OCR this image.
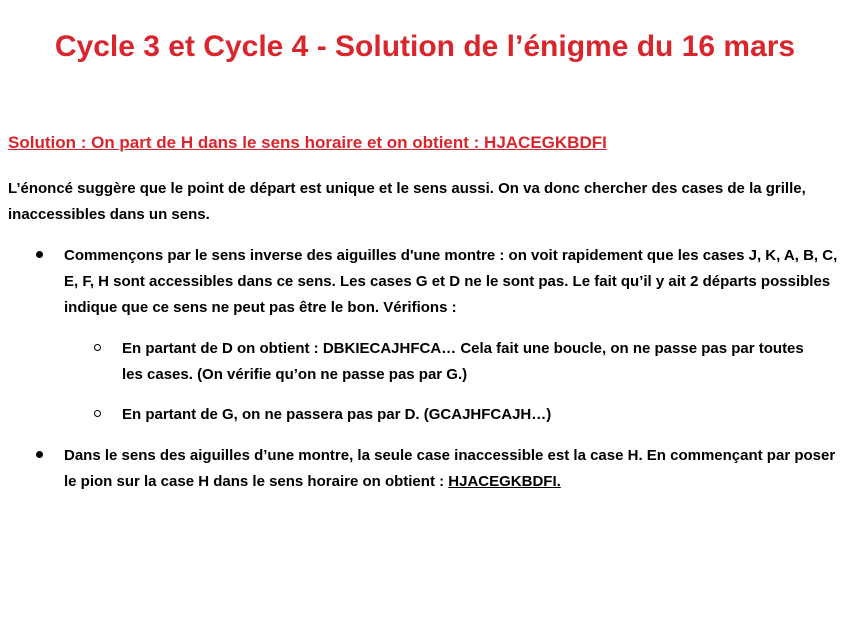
Cycle 3 et Cycle 4 - Solution de l’énigme du 16 mars
Solution : On part de H dans le sens horaire et on obtient : HJACEGKBDFI
L’énoncé suggère que le point de départ est unique et le sens aussi. On va donc chercher des cases de la grille, inaccessibles dans un sens.
Commençons par le sens inverse des aiguilles d'une montre : on voit rapidement que les cases J, K, A, B, C, E, F, H sont accessibles dans ce sens. Les cases G et D ne le sont pas. Le fait qu’il y ait 2 départs possibles indique que ce sens ne peut pas être le bon. Vérifions :
En partant de D on obtient : DBKIECAJHFCA… Cela fait une boucle, on ne passe pas par toutes les cases. (On vérifie qu’on ne passe pas par G.)
En partant de G, on ne passera pas par D. (GCAJHFCAJH…)
Dans le sens des aiguilles d’une montre, la seule case inaccessible est la case H. En commençant par poser le pion sur la case H dans le sens horaire on obtient : HJACEGKBDFI.
